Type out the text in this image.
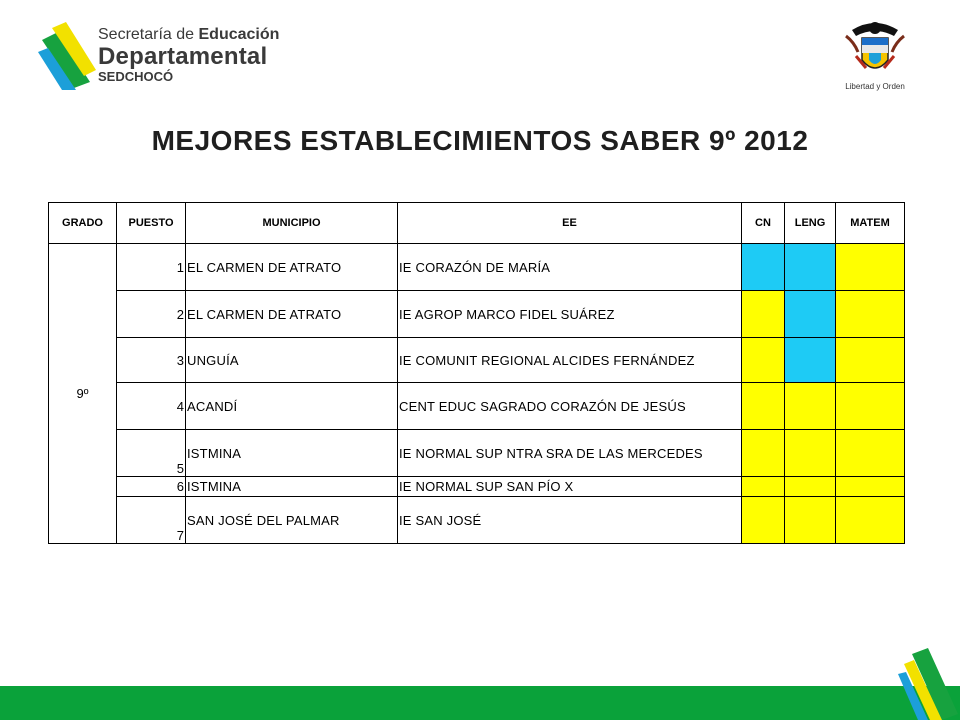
Secretaría de Educación
Departamental
SEDCHOCÓ
Libertad y Orden
MEJORES ESTABLECIMIENTOS SABER 9º 2012
GRADO	PUESTO	MUNICIPIO	EE	CN	LENG	MATEM
9º	1	EL CARMEN DE ATRATO	IE CORAZÓN DE MARÍA			
	2	EL CARMEN DE ATRATO	IE AGROP MARCO FIDEL SUÁREZ			
	3	UNGUÍA	IE COMUNIT REGIONAL ALCIDES FERNÁNDEZ			
	4	ACANDÍ	CENT EDUC SAGRADO CORAZÓN DE JESÚS			
	5	ISTMINA	IE NORMAL SUP NTRA SRA DE LAS MERCEDES			
	6	ISTMINA	IE NORMAL SUP SAN PÍO X			
	7	SAN JOSÉ DEL PALMAR	IE SAN JOSÉ			
